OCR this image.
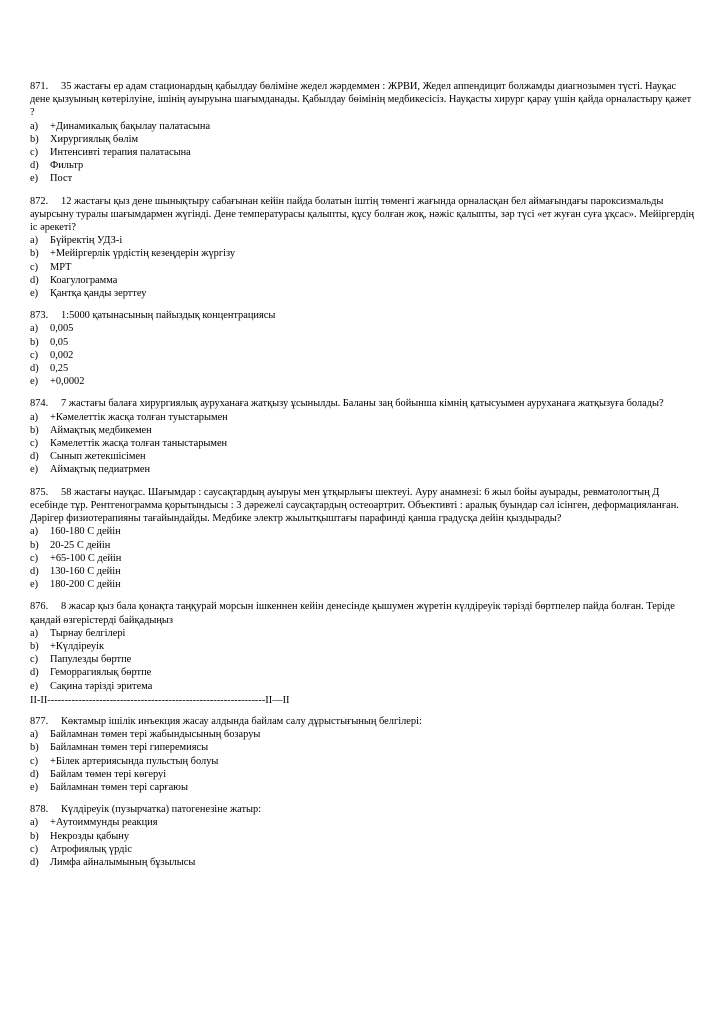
871. 35 жастағы ер адам стационардың қабылдау бөліміне жедел жәрдеммен : ЖРВИ, Жедел аппендицит болжамды диагнозымен түсті. Науқас дене қызуының көтерілуіне, ішінің ауыруына шағымданады. Қабылдау бөімінің медбикесісіз. Науқасты хирург қарау үшін қайда орналастыру қажет ?

a)	+Динамикалық бақылау палатасына
b)	Хирургиялық бөлім
c)	Интенсивті терапия палатасына
d)	Фильтр
e)	Пост

872. 12 жастағы қыз дене шынықтыру сабағынан кейін пайда болатын іштің төменгі жағында орналасқан бел аймағындағы пароксизмальды ауырсыну туралы шағымдармен жүгінді. Дене температурасы қалыпты, құсу болған жоқ, нәжіс қалыпты, зәр түсі «ет жуған суға ұқсас». Мейіргердің іс әрекеті?

a)	Бүйректің УДЗ-і
b)	+Мейіргерлік үрдістің кезеңдерін жүргізу
c)	МРТ
d)	Коагулограмма
e)	Қантқа қанды зерттеу

873. 1:5000 қатынасының пайыздық концентрациясы

a)	0,005
b)	0,05
c)	0,002
d)	0,25
e)	+0,0002

874. 7 жастағы балаға хирургиялық ауруханаға жатқызу ұсынылды. Баланы заң бойынша кімнің қатысуымен ауруханаға жатқызуға болады?

a)	+Кәмелеттік жасқа толған туыстарымен
b)	Аймақтық медбикемен
c)	Кәмелеттік жасқа толған таныстарымен
d)	Сынып жетекшісімен
e)	Аймақтық педиатрмен

875. 58 жастағы науқас. Шағымдар : саусақтардың ауыруы мен ұтқырлығы шектеуі. Ауру анамнезі: 6 жыл бойы ауырады, ревматологтың Д есебінде тұр. Рентгенограмма қорытындысы : 3 дәрежелі саусақтардың остеоартрит. Объективті : аралық буындар сәл ісінген, деформацияланған. Дәрігер физиотерапияны тағайындайды. Медбике электр жылытқыштағы парафинді қанша градусқа дейін қыздырады?

a)	160-180 С дейін
b)	20-25 С дейін
c)	+65-100 С дейін
d)	130-160 С дейін
e)	180-200 С дейін

876. 8 жасар қыз бала қонақта таңқурай морсын ішкеннен кейін денесінде қышумен жүретін күлдіреуік тәрізді бөртпелер пайда болған. Теріде қандай өзгерістерді байқадыңыз

a)	Тырнау белгілері
b)	+Күлдіреуік
c)	Папулезды бөртпе
d)	Геморрагиялық бөртпе
e)	Сақина тәрізді эритема
II-II---------------------------------------------------------------II—II

877. Көктамыр ішілік инъекция жасау алдында байлам салу дұрыстығының белгілері:

a)	Байламнан төмен тері жабындысының бозаруы
b)	Байламнан төмен тері гиперемиясы
c)	+Білек артериясында пульстың болуы
d)	Байлам төмен тері көгеруі
e)	Байламнан төмен тері сарғаюы

878. Күлдіреуік (пузырчатка) патогенезіне жатыр:

a)	+Аутоиммунды реакция
b)	Некрозды қабыну
c)	Атрофиялық үрдіс
d)	Лимфа айналымының бұзылысы
